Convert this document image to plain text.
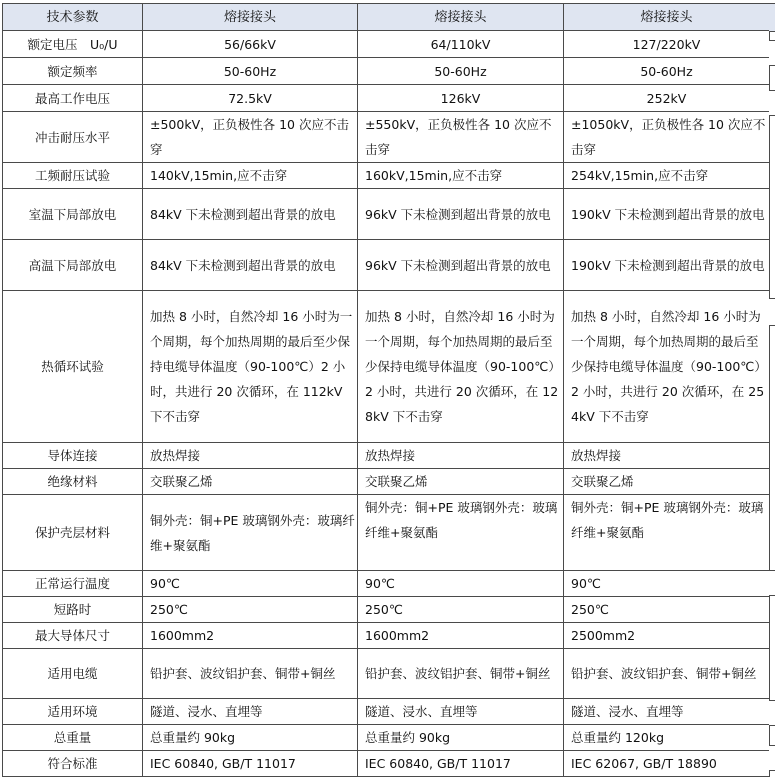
技术参数	熔接接头	熔接接头	熔接接头
额定电压　U₀/U	56/66kV	64/110kV	127/220kV
额定频率	50-60Hz	50-60Hz	50-60Hz
最高工作电压	72.5kV	126kV	252kV
冲击耐压水平	±500kV，正负极性各 10 次应不击穿	±550kV，正负极性各 10 次应不击穿	±1050kV，正负极性各 10 次应不击穿
工频耐压试验	140kV,15min,应不击穿	160kV,15min,应不击穿	254kV,15min,应不击穿
室温下局部放电	84kV 下未检测到超出背景的放电	96kV 下未检测到超出背景的放电	190kV 下未检测到超出背景的放电
高温下局部放电	84kV 下未检测到超出背景的放电	96kV 下未检测到超出背景的放电	190kV 下未检测到超出背景的放电
热循环试验	加热 8 小时，自然冷却 16 小时为一个周期，每个加热周期的最后至少保持电缆导体温度（90-100℃）2 小时，共进行 20 次循环，在 112kV 下不击穿	加热 8 小时，自然冷却 16 小时为一个周期，每个加热周期的最后至少保持电缆导体温度（90-100℃）2 小时，共进行 20 次循环，在 128kV 下不击穿	加热 8 小时，自然冷却 16 小时为一个周期，每个加热周期的最后至少保持电缆导体温度（90-100℃）2 小时，共进行 20 次循环，在 254kV 下不击穿
导体连接	放热焊接	放热焊接	放热焊接
绝缘材料	交联聚乙烯	交联聚乙烯	交联聚乙烯
保护壳层材料	铜外壳：铜+PE 玻璃钢外壳：玻璃纤维+聚氨酯	铜外壳：铜+PE 玻璃钢外壳：玻璃纤维+聚氨酯	铜外壳：铜+PE 玻璃钢外壳：玻璃纤维+聚氨酯
正常运行温度	90℃	90℃	90℃
短路时	250℃	250℃	250℃
最大导体尺寸	1600mm2	1600mm2	2500mm2
适用电缆	铅护套、波纹铝护套、铜带+铜丝	铅护套、波纹铝护套、铜带+铜丝	铅护套、波纹铝护套、铜带+铜丝
适用环境	隧道、浸水、直埋等	隧道、浸水、直埋等	隧道、浸水、直埋等
总重量	总重量约 90kg	总重量约 90kg	总重量约 120kg
符合标准	IEC 60840, GB/T 11017	IEC 60840, GB/T 11017	IEC 62067, GB/T 18890
